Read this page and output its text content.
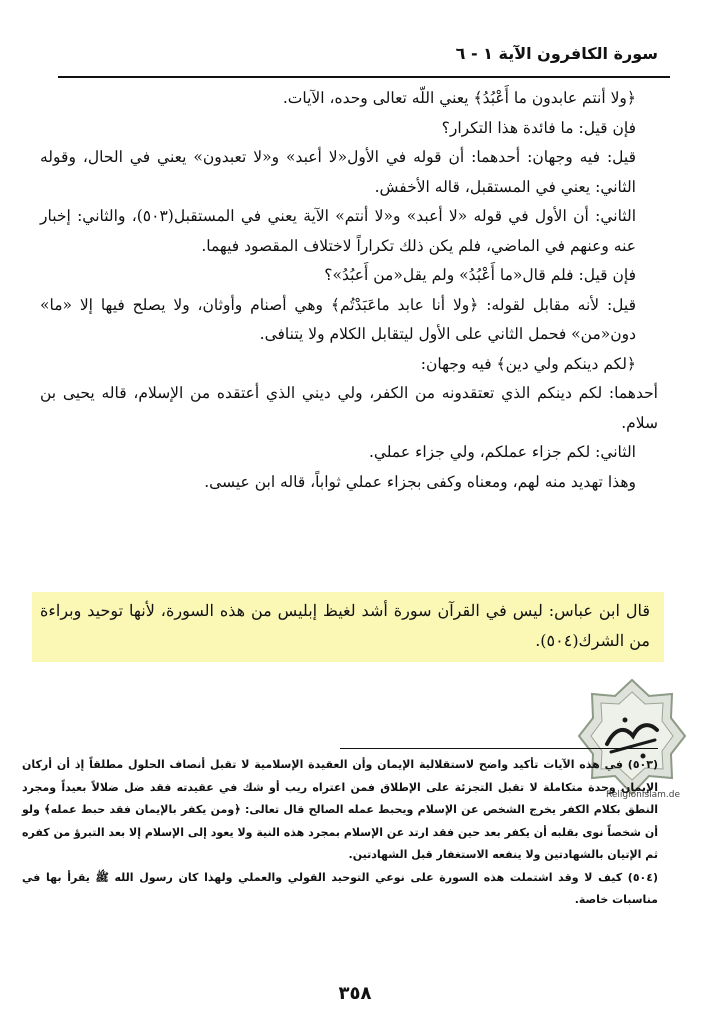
سورة الكافرون الآية ١ - ٦

﴿ولا أنتم عابدون ما أَعْبُدُ﴾ يعني اللّه تعالى وحده، الآيات.

فإن قيل: ما فائدة هذا التكرار؟

قيل: فيه وجهان: أحدهما: أن قوله في الأول«لا أعبد» و«لا تعبدون» يعني في الحال، وقوله الثاني: يعني في المستقبل، قاله الأخفش.

الثاني: أن الأول في قوله «لا أعبد» و«لا أنتم» الآية يعني في المستقبل(٥٠٣)، والثاني: إخبار عنه وعنهم في الماضي، فلم يكن ذلك تكراراً لاختلاف المقصود فيهما.

فإن قيل: فلم قال«ما أَعْبُدُ» ولم يقل«من أَعبُدُ»؟

قيل: لأنه مقابل لقوله: ﴿ولا أنا عابد ماعَبَدْتُم﴾ وهي أصنام وأوثان، ولا يصلح فيها إلا «ما» دون«من» فحمل الثاني على الأول ليتقابل الكلام ولا يتنافى.

﴿لكم دينكم ولي دين﴾ فيه وجهان:

أحدهما: لكم دينكم الذي تعتقدونه من الكفر، ولي ديني الذي أعتقده من الإسلام، قاله يحيى بن سلام.

الثاني: لكم جزاء عملكم، ولي جزاء عملي.

وهذا تهديد منه لهم، ومعناه وكفى بجزاء عملي ثواباً، قاله ابن عيسى.

قال ابن عباس: ليس في القرآن سورة أشد لغيظ إبليس من هذه السورة، لأنها توحيد وبراءة من الشرك(٥٠٤).
ReligionIslam.de

(٥٠٣) في هذه الآيات تأكيد واضح لاستقلالية الإيمان وأن العقيدة الإسلامية لا تقبل أنصاف الحلول مطلقاً إذ أن أركان الإيمان وحدة متكاملة لا تقبل التجزئة على الإطلاق فمن اعتراه ريب أو شك في عقيدته فقد ضل ضلالاً بعيداً ومجرد النطق بكلام الكفر يخرج الشخص عن الإسلام ويحبط عمله الصالح قال تعالى: ﴿ومن يكفر بالإيمان فقد حبط عمله﴾ ولو أن شخصاً نوى بقلبه أن يكفر بعد حين فقد ارتد عن الإسلام بمجرد هذه النية ولا يعود إلى الإسلام إلا بعد التبرؤ من كفره ثم الإتيان بالشهادتين ولا ينفعه الاستغفار قبل الشهادتين.

(٥٠٤) كيف لا وقد اشتملت هذه السورة على نوعي التوحيد القولي والعملي ولهذا كان رسول الله ﷺ يقرأ بها في مناسبات خاصة.

٣٥٨
